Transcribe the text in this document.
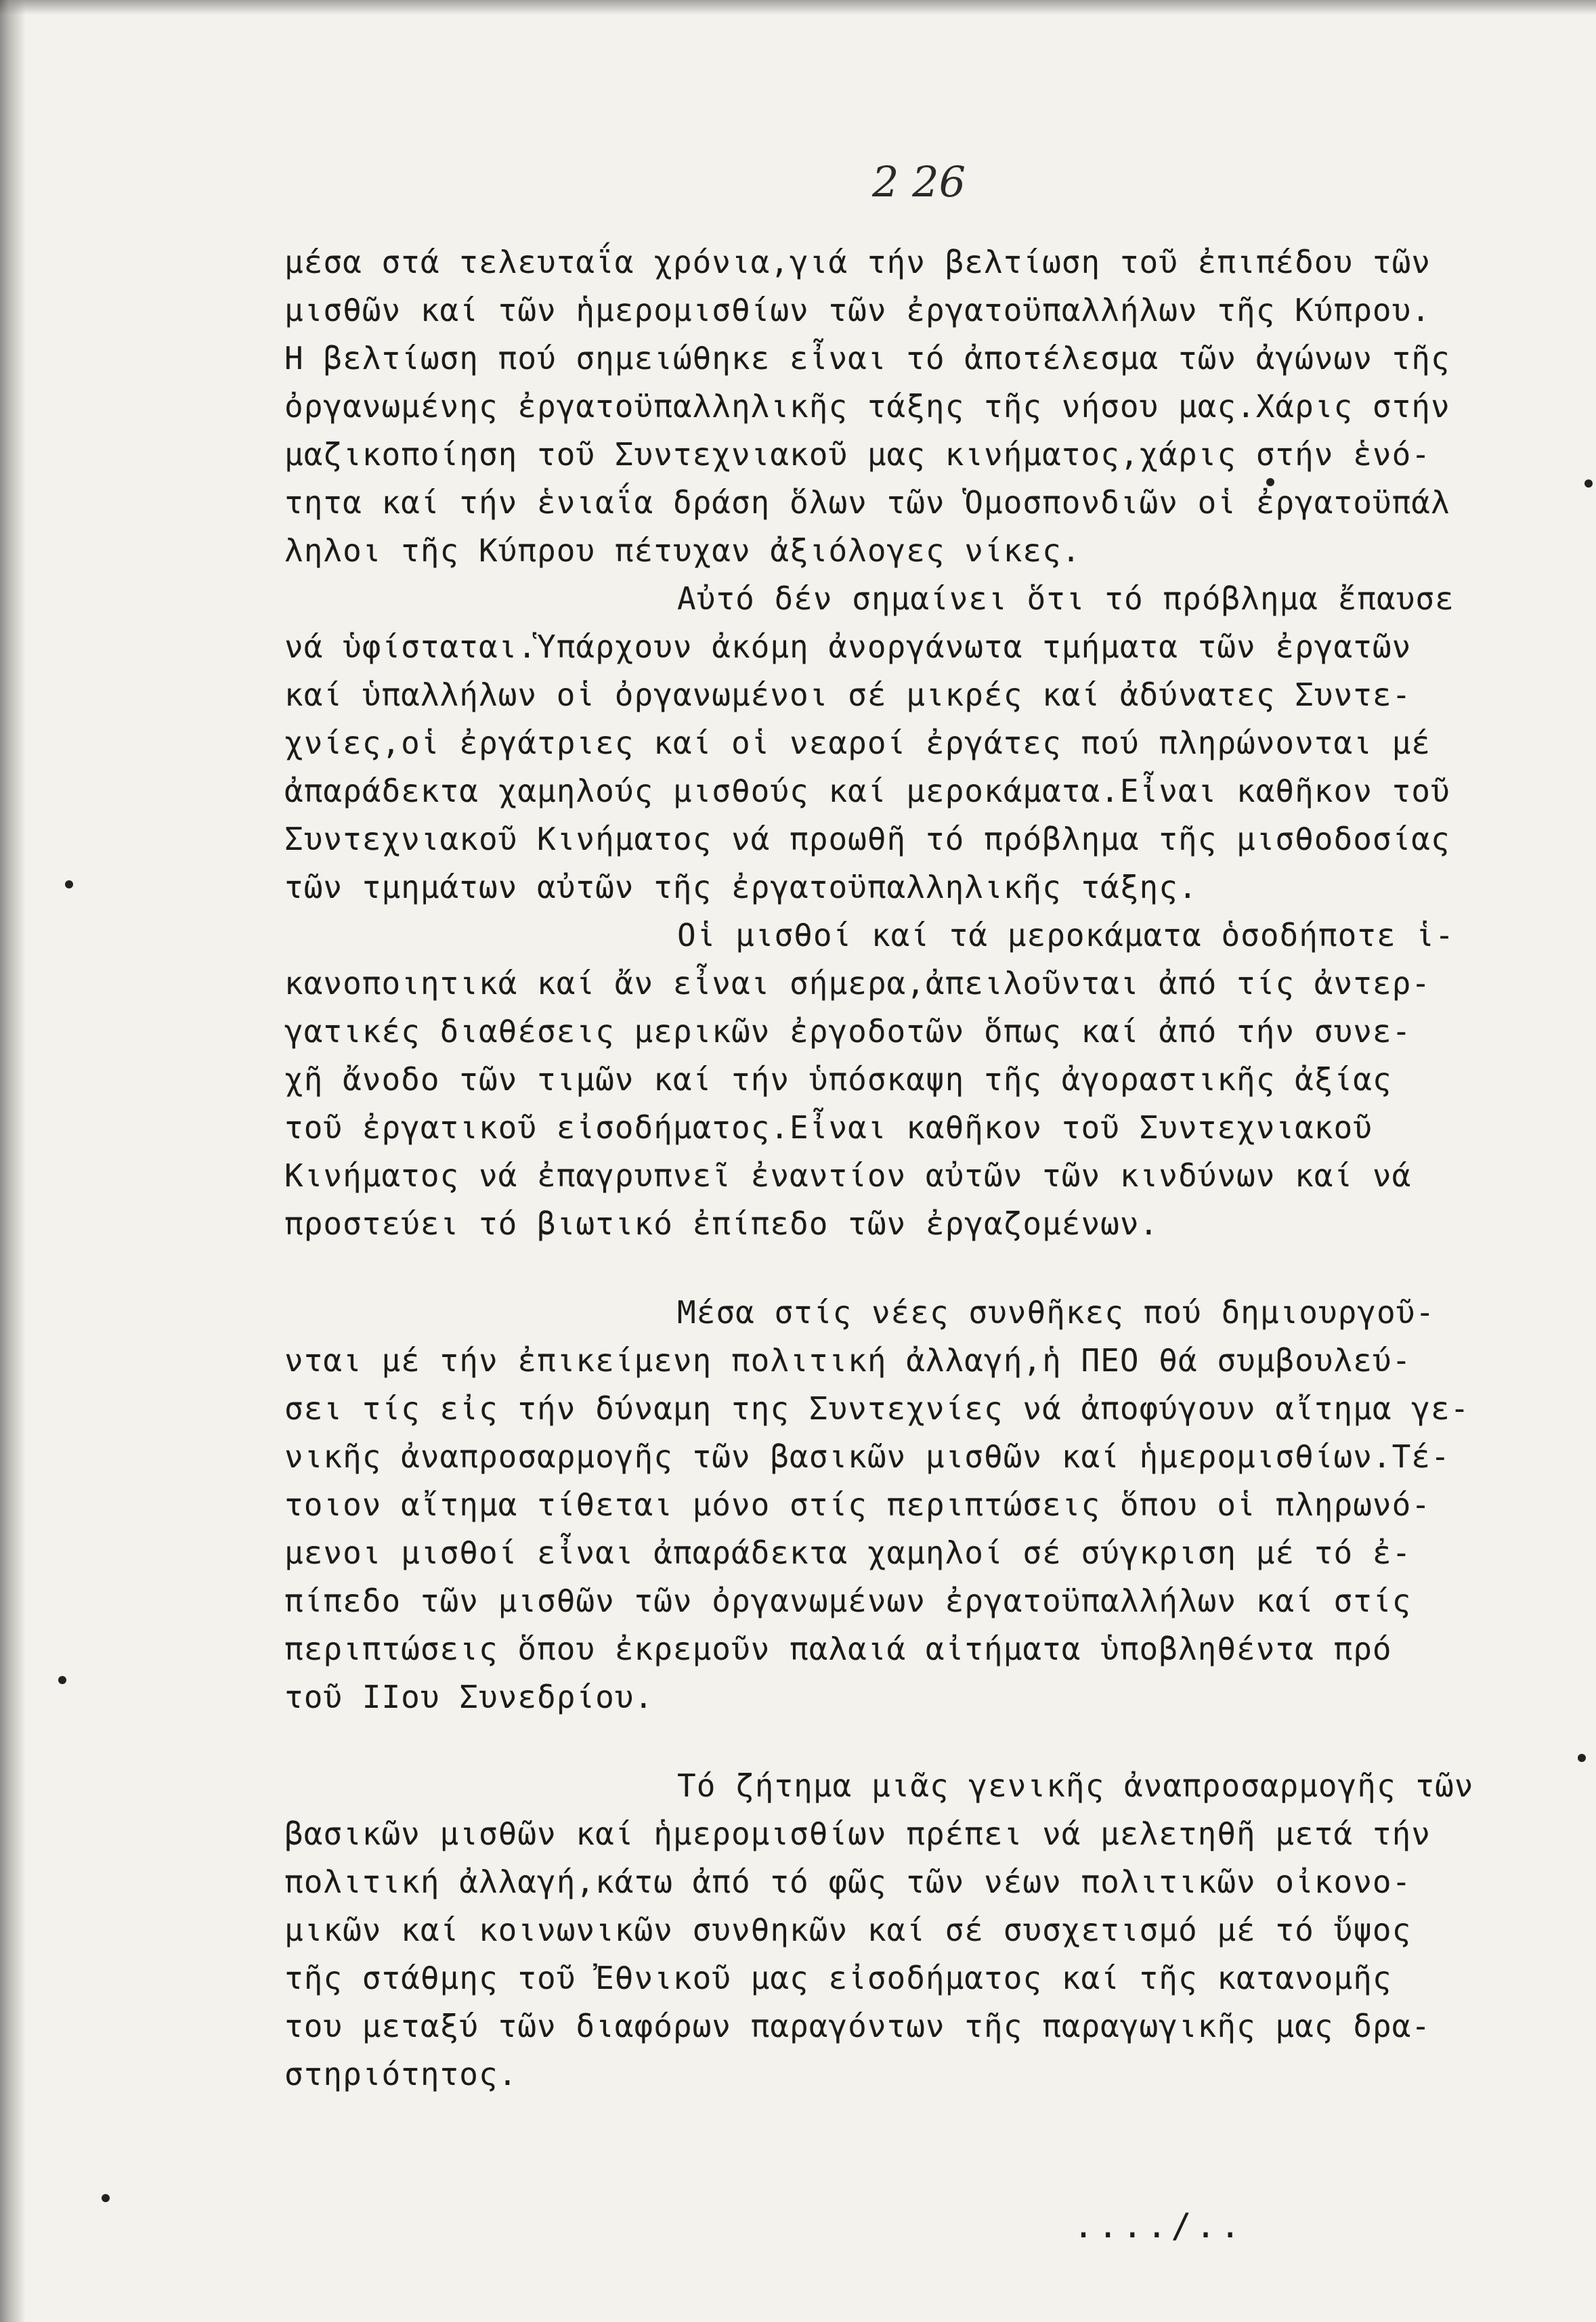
2 26

μέσα στά τελευταΐα χρόνια,γιά τήν βελτίωση τοῦ ἐπιπέδου τῶν
μισθῶν καί τῶν ἡμερομισθίων τῶν ἐργατοϋπαλλήλων τῆς Κύπρου.
Η βελτίωση πού σημειώθηκε εἶναι τό ἀποτέλεσμα τῶν ἀγώνων τῆς
ὀργανωμένης ἐργατοϋπαλληλικῆς τάξης τῆς νήσου μας.Χάρις στήν
μαζικοποίηση τοῦ Συντεχνιακοῦ μας κινήματος,χάρις στήν ἑνό-
τητα καί τήν ἑνιαΐα δράση ὅλων τῶν Ὁμοσπονδιῶν οἱ ἐργατοϋπάλ
ληλοι τῆς Κύπρου πέτυχαν ἀξιόλογες νίκες.

Αὐτό δέν σημαίνει ὅτι τό πρόβλημα ἔπαυσε
νά ὑφίσταται.Ὑπάρχουν ἀκόμη ἀνοργάνωτα τμήματα τῶν ἐργατῶν
καί ὑπαλλήλων οἱ ὀργανωμένοι σέ μικρές καί ἀδύνατες Συντε-
χνίες,οἱ ἐργάτριες καί οἱ νεαροί ἐργάτες πού πληρώνονται μέ
ἀπαράδεκτα χαμηλούς μισθούς καί μεροκάματα.Εἶναι καθῆκον τοῦ
Συντεχνιακοῦ Κινήματος νά προωθῆ τό πρόβλημα τῆς μισθοδοσίας
τῶν τμημάτων αὐτῶν τῆς ἐργατοϋπαλληλικῆς τάξης.

Οἱ μισθοί καί τά μεροκάματα ὁσοδήποτε ἱ-
κανοποιητικά καί ἄν εἶναι σήμερα,ἀπειλοῦνται ἀπό τίς ἀντερ-
γατικές διαθέσεις μερικῶν ἐργοδοτῶν ὅπως καί ἀπό τήν συνε-
χῆ ἄνοδο τῶν τιμῶν καί τήν ὑπόσκαψη τῆς ἀγοραστικῆς ἀξίας
τοῦ ἐργατικοῦ εἰσοδήματος.Εἶναι καθῆκον τοῦ Συντεχνιακοῦ
Κινήματος νά ἐπαγρυπνεῖ ἐναντίον αὐτῶν τῶν κινδύνων καί νά
προστεύει τό βιωτικό ἐπίπεδο τῶν ἐργαζομένων.

Μέσα στίς νέες συνθῆκες πού δημιουργοῦ-
νται μέ τήν ἐπικείμενη πολιτική ἀλλαγή,ἡ ΠΕΟ θά συμβουλεύ-
σει τίς εἰς τήν δύναμη της Συντεχνίες νά ἀποφύγουν αἴτημα γε-
νικῆς ἀναπροσαρμογῆς τῶν βασικῶν μισθῶν καί ἡμερομισθίων.Τέ-
τοιον αἴτημα τίθεται μόνο στίς περιπτώσεις ὅπου οἱ πληρωνό-
μενοι μισθοί εἶναι ἀπαράδεκτα χαμηλοί σέ σύγκριση μέ τό ἐ-
πίπεδο τῶν μισθῶν τῶν ὀργανωμένων ἐργατοϋπαλλήλων καί στίς
περιπτώσεις ὅπου ἐκρεμοῦν παλαιά αἰτήματα ὑποβληθέντα πρό
τοῦ ΙΙου Συνεδρίου.

Τό ζήτημα μιᾶς γενικῆς ἀναπροσαρμογῆς τῶν
βασικῶν μισθῶν καί ἡμερομισθίων πρέπει νά μελετηθῆ μετά τήν
πολιτική ἀλλαγή,κάτω ἀπό τό φῶς τῶν νέων πολιτικῶν οἰκονο-
μικῶν καί κοινωνικῶν συνθηκῶν καί σέ συσχετισμό μέ τό ὕψος
τῆς στάθμης τοῦ Ἐθνικοῦ μας εἰσοδήματος καί τῆς κατανομῆς
του μεταξύ τῶν διαφόρων παραγόντων τῆς παραγωγικῆς μας δρα-
στηριότητος.

..../..
